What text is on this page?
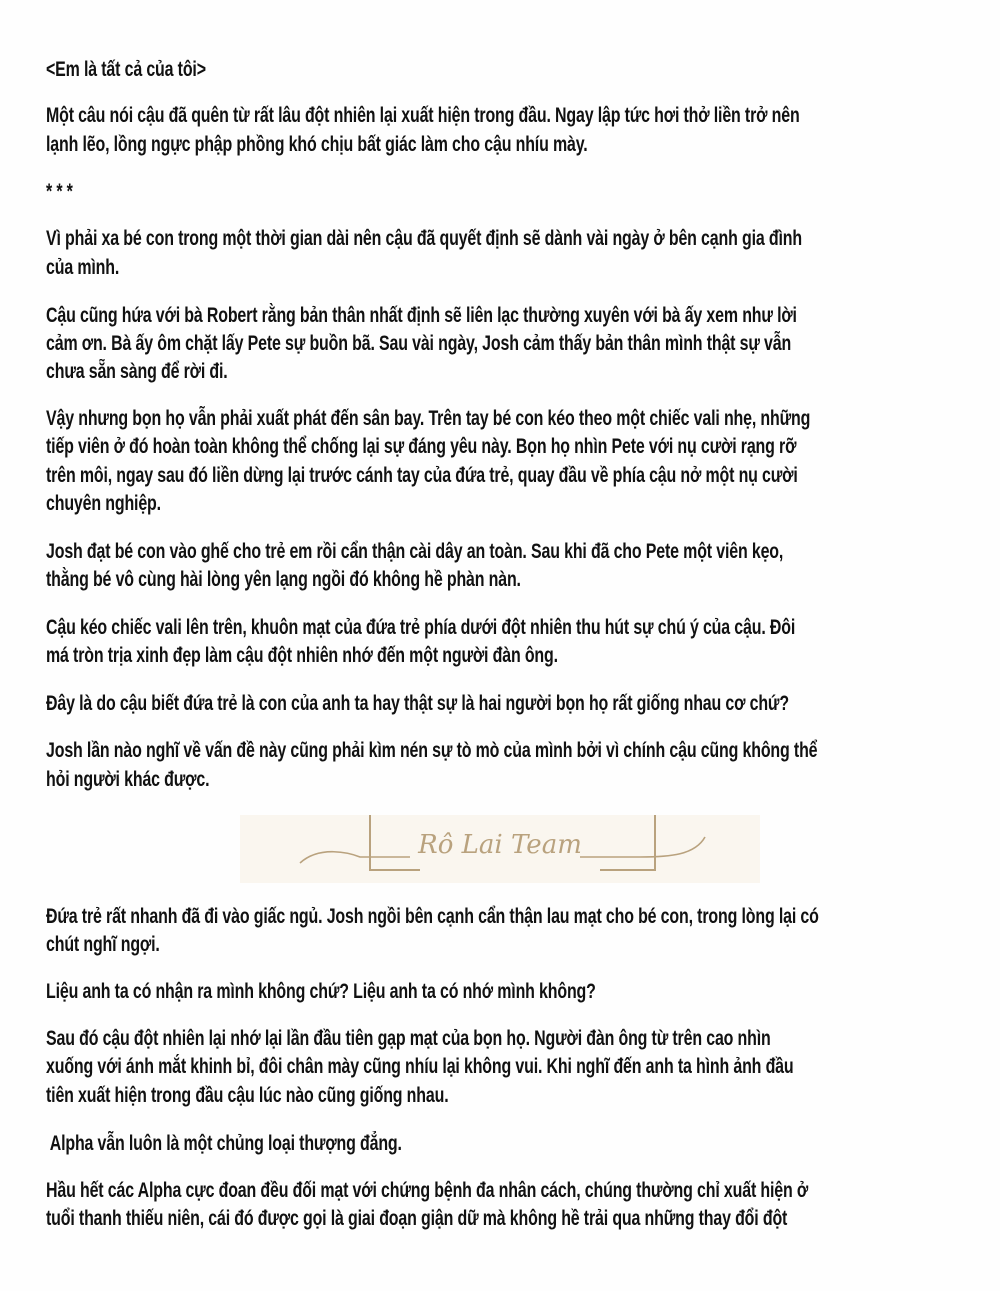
<Em là tất cả của tôi>
Một câu nói cậu đã quên từ rất lâu đột nhiên lại xuất hiện trong đầu. Ngay lập tức hơi thở liền trở nên
lạnh lẽo, lồng ngực phập phồng khó chịu bất giác làm cho cậu nhíu mày.
* * *
Vì phải xa bé con trong một thời gian dài nên cậu đã quyết định sẽ dành vài ngày ở bên cạnh gia đình
của mình.
Cậu cũng hứa với bà Robert rằng bản thân nhất định sẽ liên lạc thường xuyên với bà ấy xem như lời
cảm ơn. Bà ấy ôm chặt lấy Pete sự buồn bã. Sau vài ngày, Josh cảm thấy bản thân mình thật sự vẫn
chưa sẵn sàng để rời đi.
Vậy nhưng bọn họ vẫn phải xuất phát đến sân bay. Trên tay bé con kéo theo một chiếc vali nhẹ, những
tiếp viên ở đó hoàn toàn không thể chống lại sự đáng yêu này. Bọn họ nhìn Pete với nụ cười rạng rỡ
trên môi, ngay sau đó liền dừng lại trước cánh tay của đứa trẻ, quay đầu về phía cậu nở một nụ cười
chuyên nghiệp.
Josh đạt bé con vào ghế cho trẻ em rồi cẩn thận cài dây an toàn. Sau khi đã cho Pete một viên kẹo,
thằng bé vô cùng hài lòng yên lạng ngồi đó không hề phàn nàn.
Cậu kéo chiếc vali lên trên, khuôn mạt của đứa trẻ phía dưới đột nhiên thu hút sự chú ý của cậu. Đôi
má tròn trịa xinh đẹp làm cậu đột nhiên nhớ đến một người đàn ông.
Đây là do cậu biết đứa trẻ là con của anh ta hay thật sự là hai người bọn họ rất giống nhau cơ chứ?
Josh lần nào nghĩ về vấn đề này cũng phải kìm nén sự tò mò của mình bởi vì chính cậu cũng không thể
hỏi người khác được.
Rô Lai Team
Đứa trẻ rất nhanh đã đi vào giấc ngủ. Josh ngồi bên cạnh cẩn thận lau mạt cho bé con, trong lòng lại có
chút nghĩ ngợi.
Liệu anh ta có nhận ra mình không chứ? Liệu anh ta có nhớ mình không?
Sau đó cậu đột nhiên lại nhớ lại lần đầu tiên gạp mạt của bọn họ. Người đàn ông từ trên cao nhìn
xuống với ánh mắt khinh bỉ, đôi chân mày cũng nhíu lại không vui. Khi nghĩ đến anh ta hình ảnh đầu
tiên xuất hiện trong đầu cậu lúc nào cũng giống nhau.
Alpha vẫn luôn là một chủng loại thượng đẳng.
Hầu hết các Alpha cực đoan đều đối mạt với chứng bệnh đa nhân cách, chúng thường chỉ xuất hiện ở
tuổi thanh thiếu niên, cái đó được gọi là giai đoạn giận dữ mà không hề trải qua những thay đổi đột
